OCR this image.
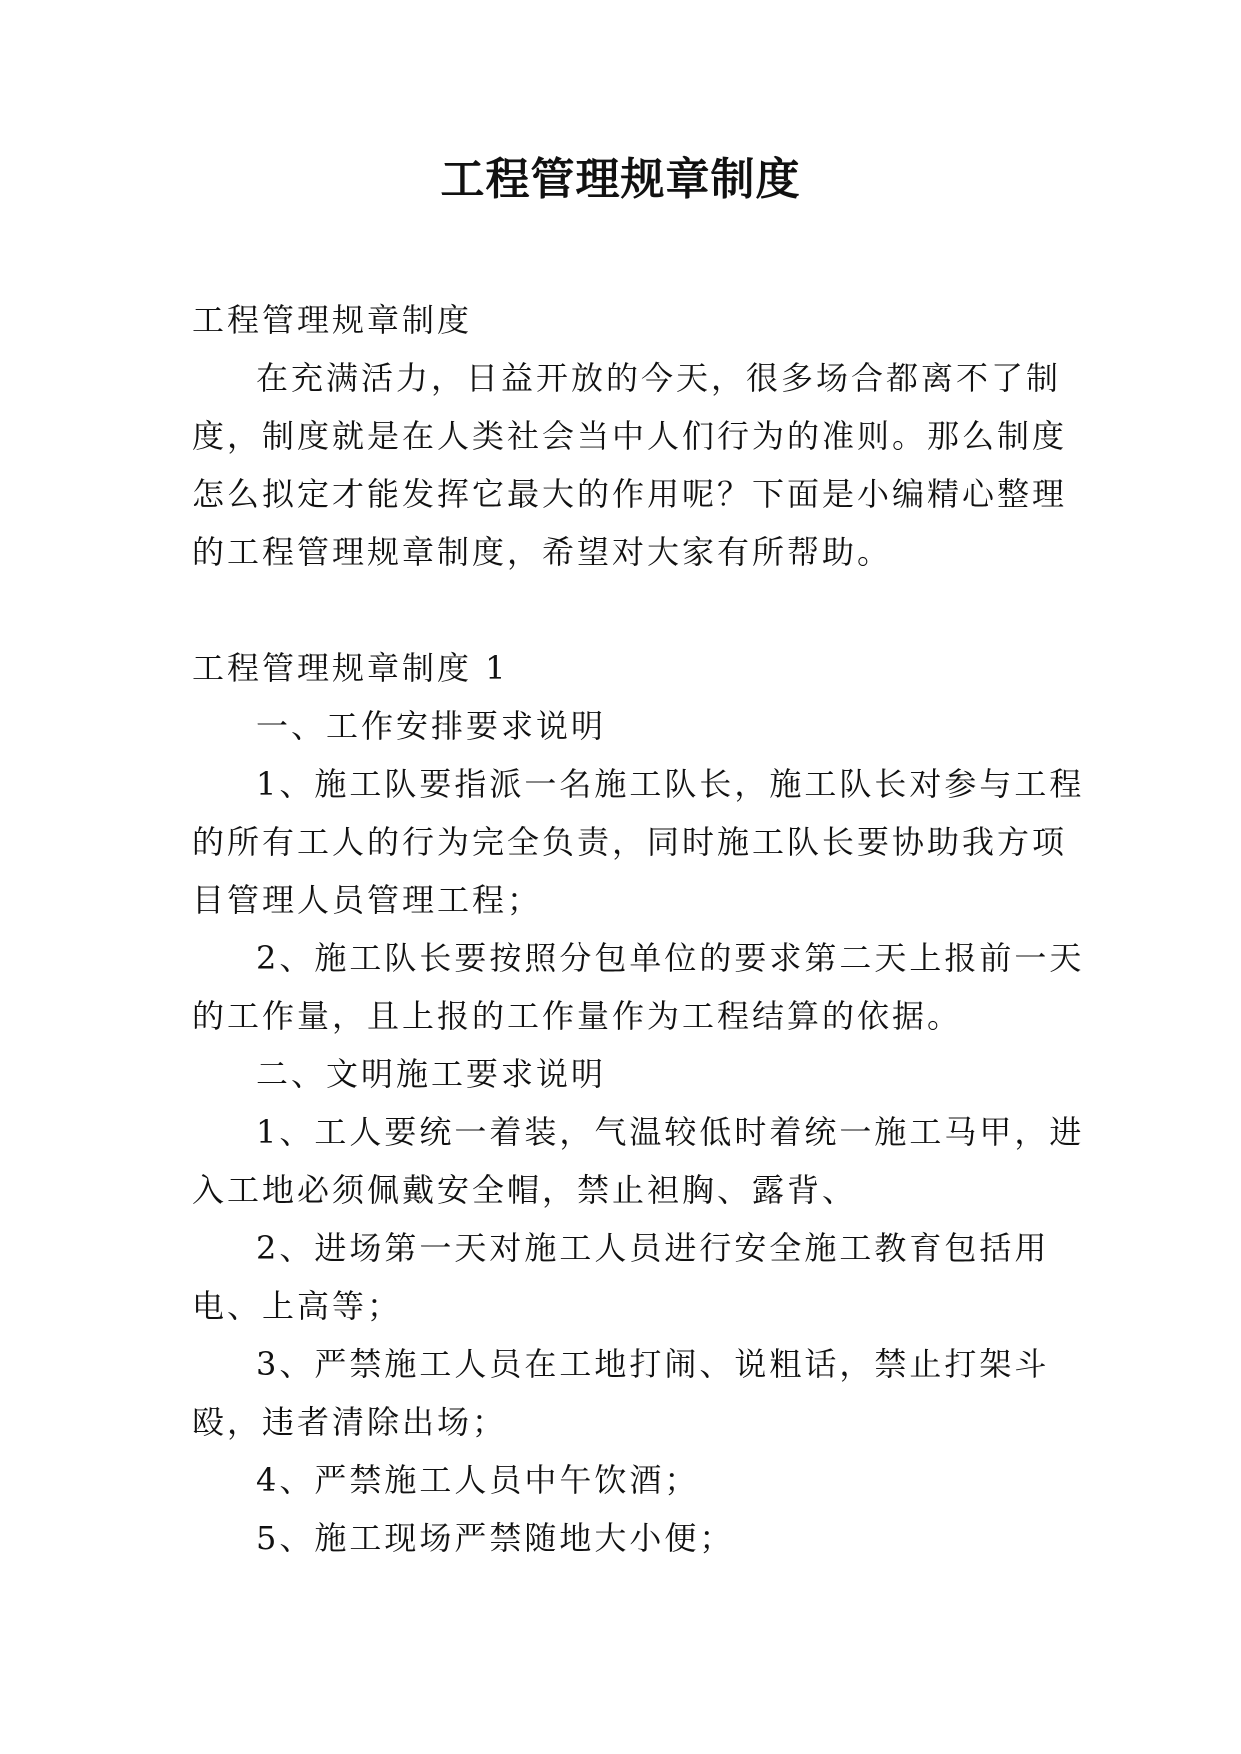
工程管理规章制度

工程管理规章制度

在充满活力，日益开放的今天，很多场合都离不了制度，制度就是在人类社会当中人们行为的准则。那么制度怎么拟定才能发挥它最大的作用呢？下面是小编精心整理的工程管理规章制度，希望对大家有所帮助。

工程管理规章制度 1

一、工作安排要求说明

1、施工队要指派一名施工队长，施工队长对参与工程的所有工人的行为完全负责，同时施工队长要协助我方项目管理人员管理工程；

2、施工队长要按照分包单位的要求第二天上报前一天的工作量，且上报的工作量作为工程结算的依据。

二、文明施工要求说明

1、工人要统一着装，气温较低时着统一施工马甲，进入工地必须佩戴安全帽，禁止袒胸、露背、

2、进场第一天对施工人员进行安全施工教育包括用电、上高等；

3、严禁施工人员在工地打闹、说粗话，禁止打架斗殴，违者清除出场；

4、严禁施工人员中午饮酒；

5、施工现场严禁随地大小便；
